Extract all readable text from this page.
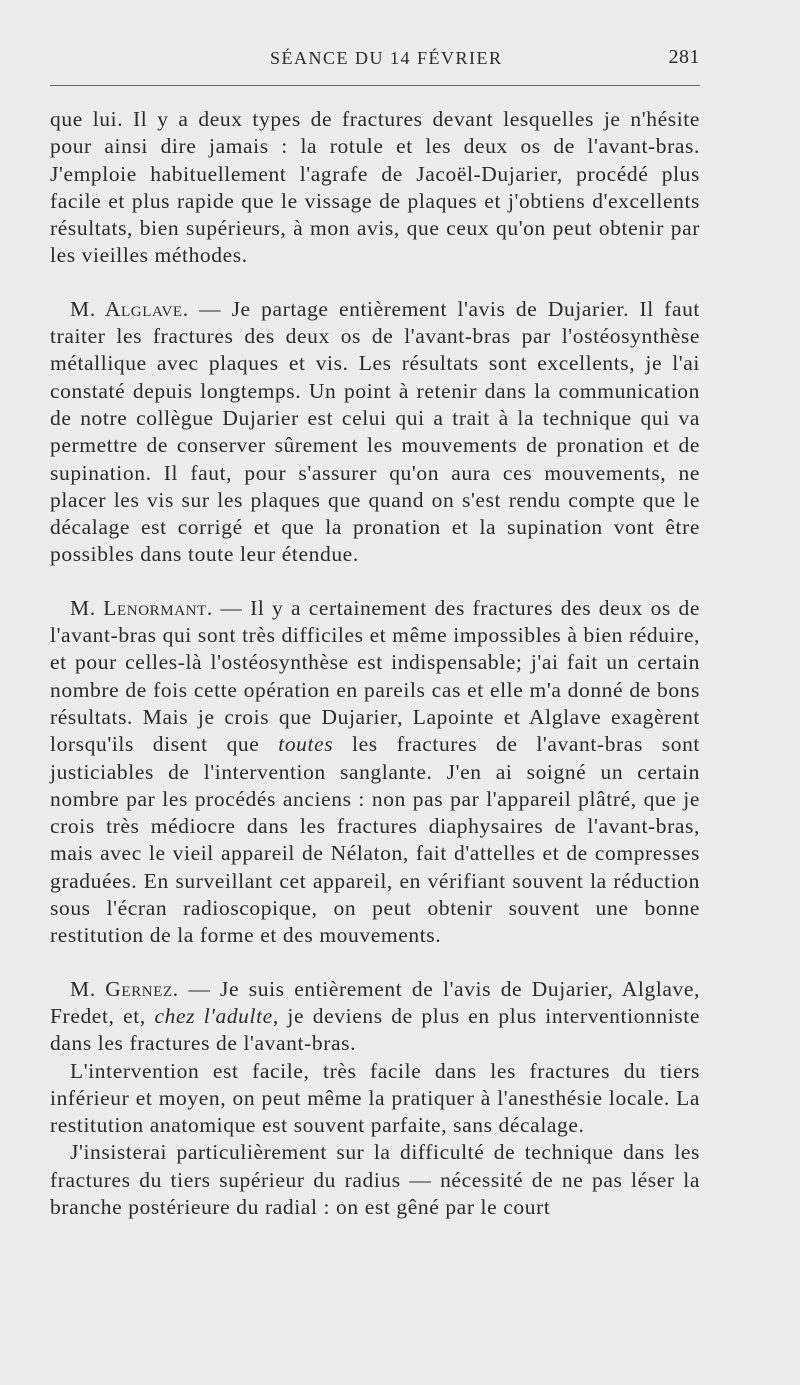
SÉANCE DU 14 FÉVRIER	281

que lui. Il y a deux types de fractures devant lesquelles je n'hésite pour ainsi dire jamais : la rotule et les deux os de l'avant-bras. J'emploie habituellement l'agrafe de Jacoël-Dujarier, procédé plus facile et plus rapide que le vissage de plaques et j'obtiens d'excellents résultats, bien supérieurs, à mon avis, que ceux qu'on peut obtenir par les vieilles méthodes.

M. Alglave. — Je partage entièrement l'avis de Dujarier. Il faut traiter les fractures des deux os de l'avant-bras par l'ostéosynthèse métallique avec plaques et vis. Les résultats sont excellents, je l'ai constaté depuis longtemps. Un point à retenir dans la communication de notre collègue Dujarier est celui qui a trait à la technique qui va permettre de conserver sûrement les mouvements de pronation et de supination. Il faut, pour s'assurer qu'on aura ces mouvements, ne placer les vis sur les plaques que quand on s'est rendu compte que le décalage est corrigé et que la pronation et la supination vont être possibles dans toute leur étendue.

M. Lenormant. — Il y a certainement des fractures des deux os de l'avant-bras qui sont très difficiles et même impossibles à bien réduire, et pour celles-là l'ostéosynthèse est indispensable; j'ai fait un certain nombre de fois cette opération en pareils cas et elle m'a donné de bons résultats. Mais je crois que Dujarier, Lapointe et Alglave exagèrent lorsqu'ils disent que toutes les fractures de l'avant-bras sont justiciables de l'intervention sanglante. J'en ai soigné un certain nombre par les procédés anciens : non pas par l'appareil plâtré, que je crois très médiocre dans les fractures diaphysaires de l'avant-bras, mais avec le vieil appareil de Nélaton, fait d'attelles et de compresses graduées. En surveillant cet appareil, en vérifiant souvent la réduction sous l'écran radioscopique, on peut obtenir souvent une bonne restitution de la forme et des mouvements.

M. Gernez. — Je suis entièrement de l'avis de Dujarier, Alglave, Fredet, et, chez l'adulte, je deviens de plus en plus interventionniste dans les fractures de l'avant-bras.

L'intervention est facile, très facile dans les fractures du tiers inférieur et moyen, on peut même la pratiquer à l'anesthésie locale. La restitution anatomique est souvent parfaite, sans décalage.

J'insisterai particulièrement sur la difficulté de technique dans les fractures du tiers supérieur du radius — nécessité de ne pas léser la branche postérieure du radial : on est gêné par le court
